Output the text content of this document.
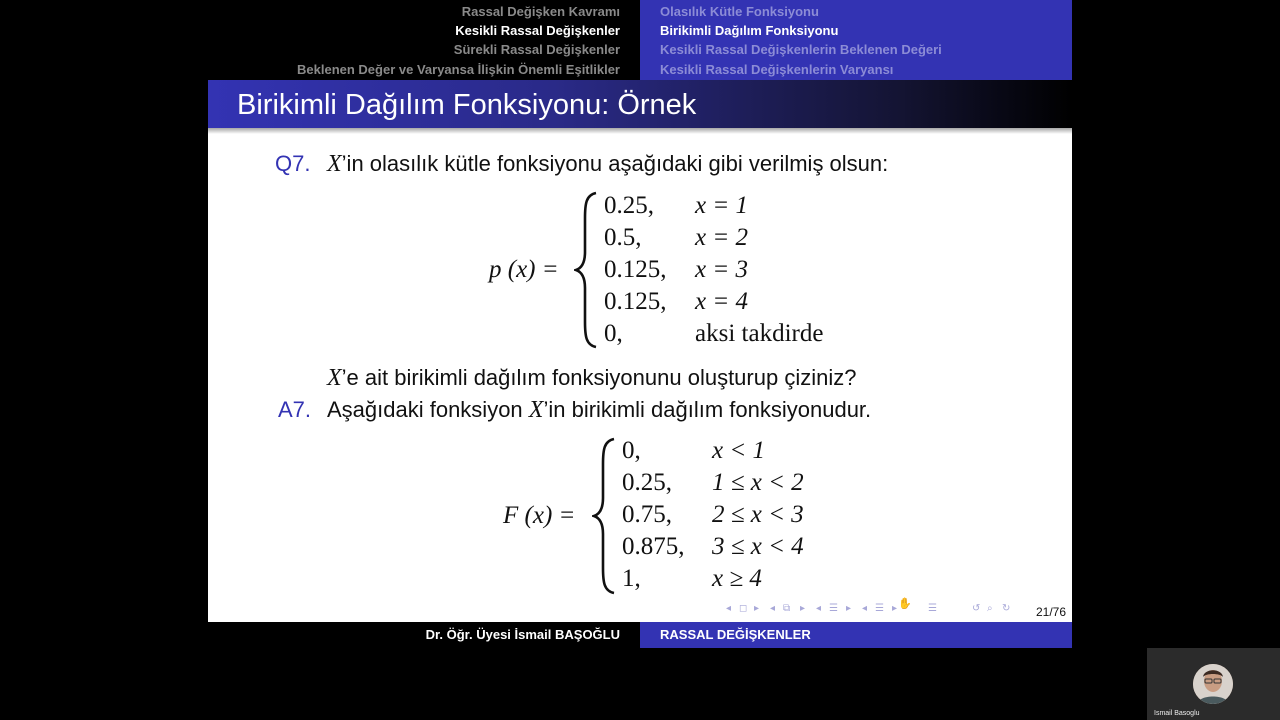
Rassal Değişken Kavramı
Kesikli Rassal Değişkenler
Sürekli Rassal Değişkenler
Beklenen Değer ve Varyansa İlişkin Önemli Eşitlikler
Olasılık Kütle Fonksiyonu
Birikimli Dağılım Fonksiyonu
Kesikli Rassal Değişkenlerin Beklenen Değeri
Kesikli Rassal Değişkenlerin Varyansı
Birikimli Dağılım Fonksiyonu: Örnek
Q7. X’in olasılık kütle fonksiyonu aşağıdaki gibi verilmiş olsun:
p (x) =
0.25, x = 1
0.5, x = 2
0.125, x = 3
0.125, x = 4
0,	aksi takdirde
X’e ait birikimli dağılım fonksiyonunu oluşturup çiziniz?
A7. Aşağıdaki fonksiyon X’in birikimli dağılım fonksiyonudur.
F (x) =
0,	x < 1
0.25, 1 ≤ x < 2
0.75, 2 ≤ x < 3
0.875, 3 ≤ x < 4
1,	x ≥ 4
✋
◂ ◻ ▸ ◂ ⧉ ▸ ◂ ☰ ▸ ◂ ☰ ▸	☰	↺ ⌕ ↻ 21/76
Dr. Öğr. Üyesi İsmail BAŞOĞLU	RASSAL DEĞİŞKENLER
Ismail Basoglu
